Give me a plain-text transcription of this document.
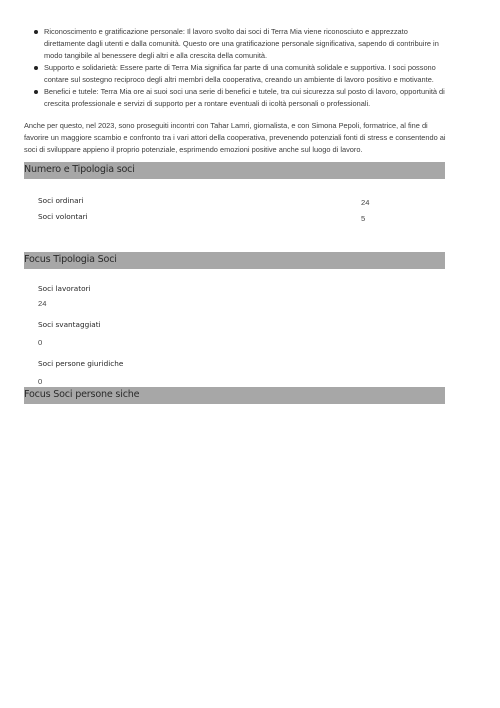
Riconoscimento e gratificazione personale: Il lavoro svolto dai soci di Terra Mia viene riconosciuto e apprezzato direttamente dagli utenti e dalla comunità. Questo ore una gratificazione personale significativa, sapendo di contribuire in modo tangibile al benessere degli altri e alla crescita della comunità.
Supporto e solidarietà: Essere parte di Terra Mia significa far parte di una comunità solidale e supportiva. I soci possono contare sul sostegno reciproco degli altri membri della cooperativa, creando un ambiente di lavoro positivo e motivante.
Benefici e tutele: Terra Mia ore ai suoi soci una serie di benefici e tutele, tra cui sicurezza sul posto di lavoro, opportunità di crescita professionale e servizi di supporto per a rontare eventuali di icoltà personali o professionali.

Anche per questo, nel 2023, sono proseguiti incontri con Tahar Lamri, giornalista, e con Simona Pepoli, formatrice, al fine di favorire un maggiore scambio e confronto tra i vari attori della cooperativa, prevenendo potenziali fonti di stress e consentendo ai soci di sviluppare appieno il proprio potenziale, esprimendo emozioni positive anche sul luogo di lavoro.

Numero e Tipologia soci
Soci ordinari	24
Soci volontari	5
Focus Tipologia Soci
Soci lavoratori
24
Soci svantaggiati
0
Soci persone giuridiche
0
Focus Soci persone siche
